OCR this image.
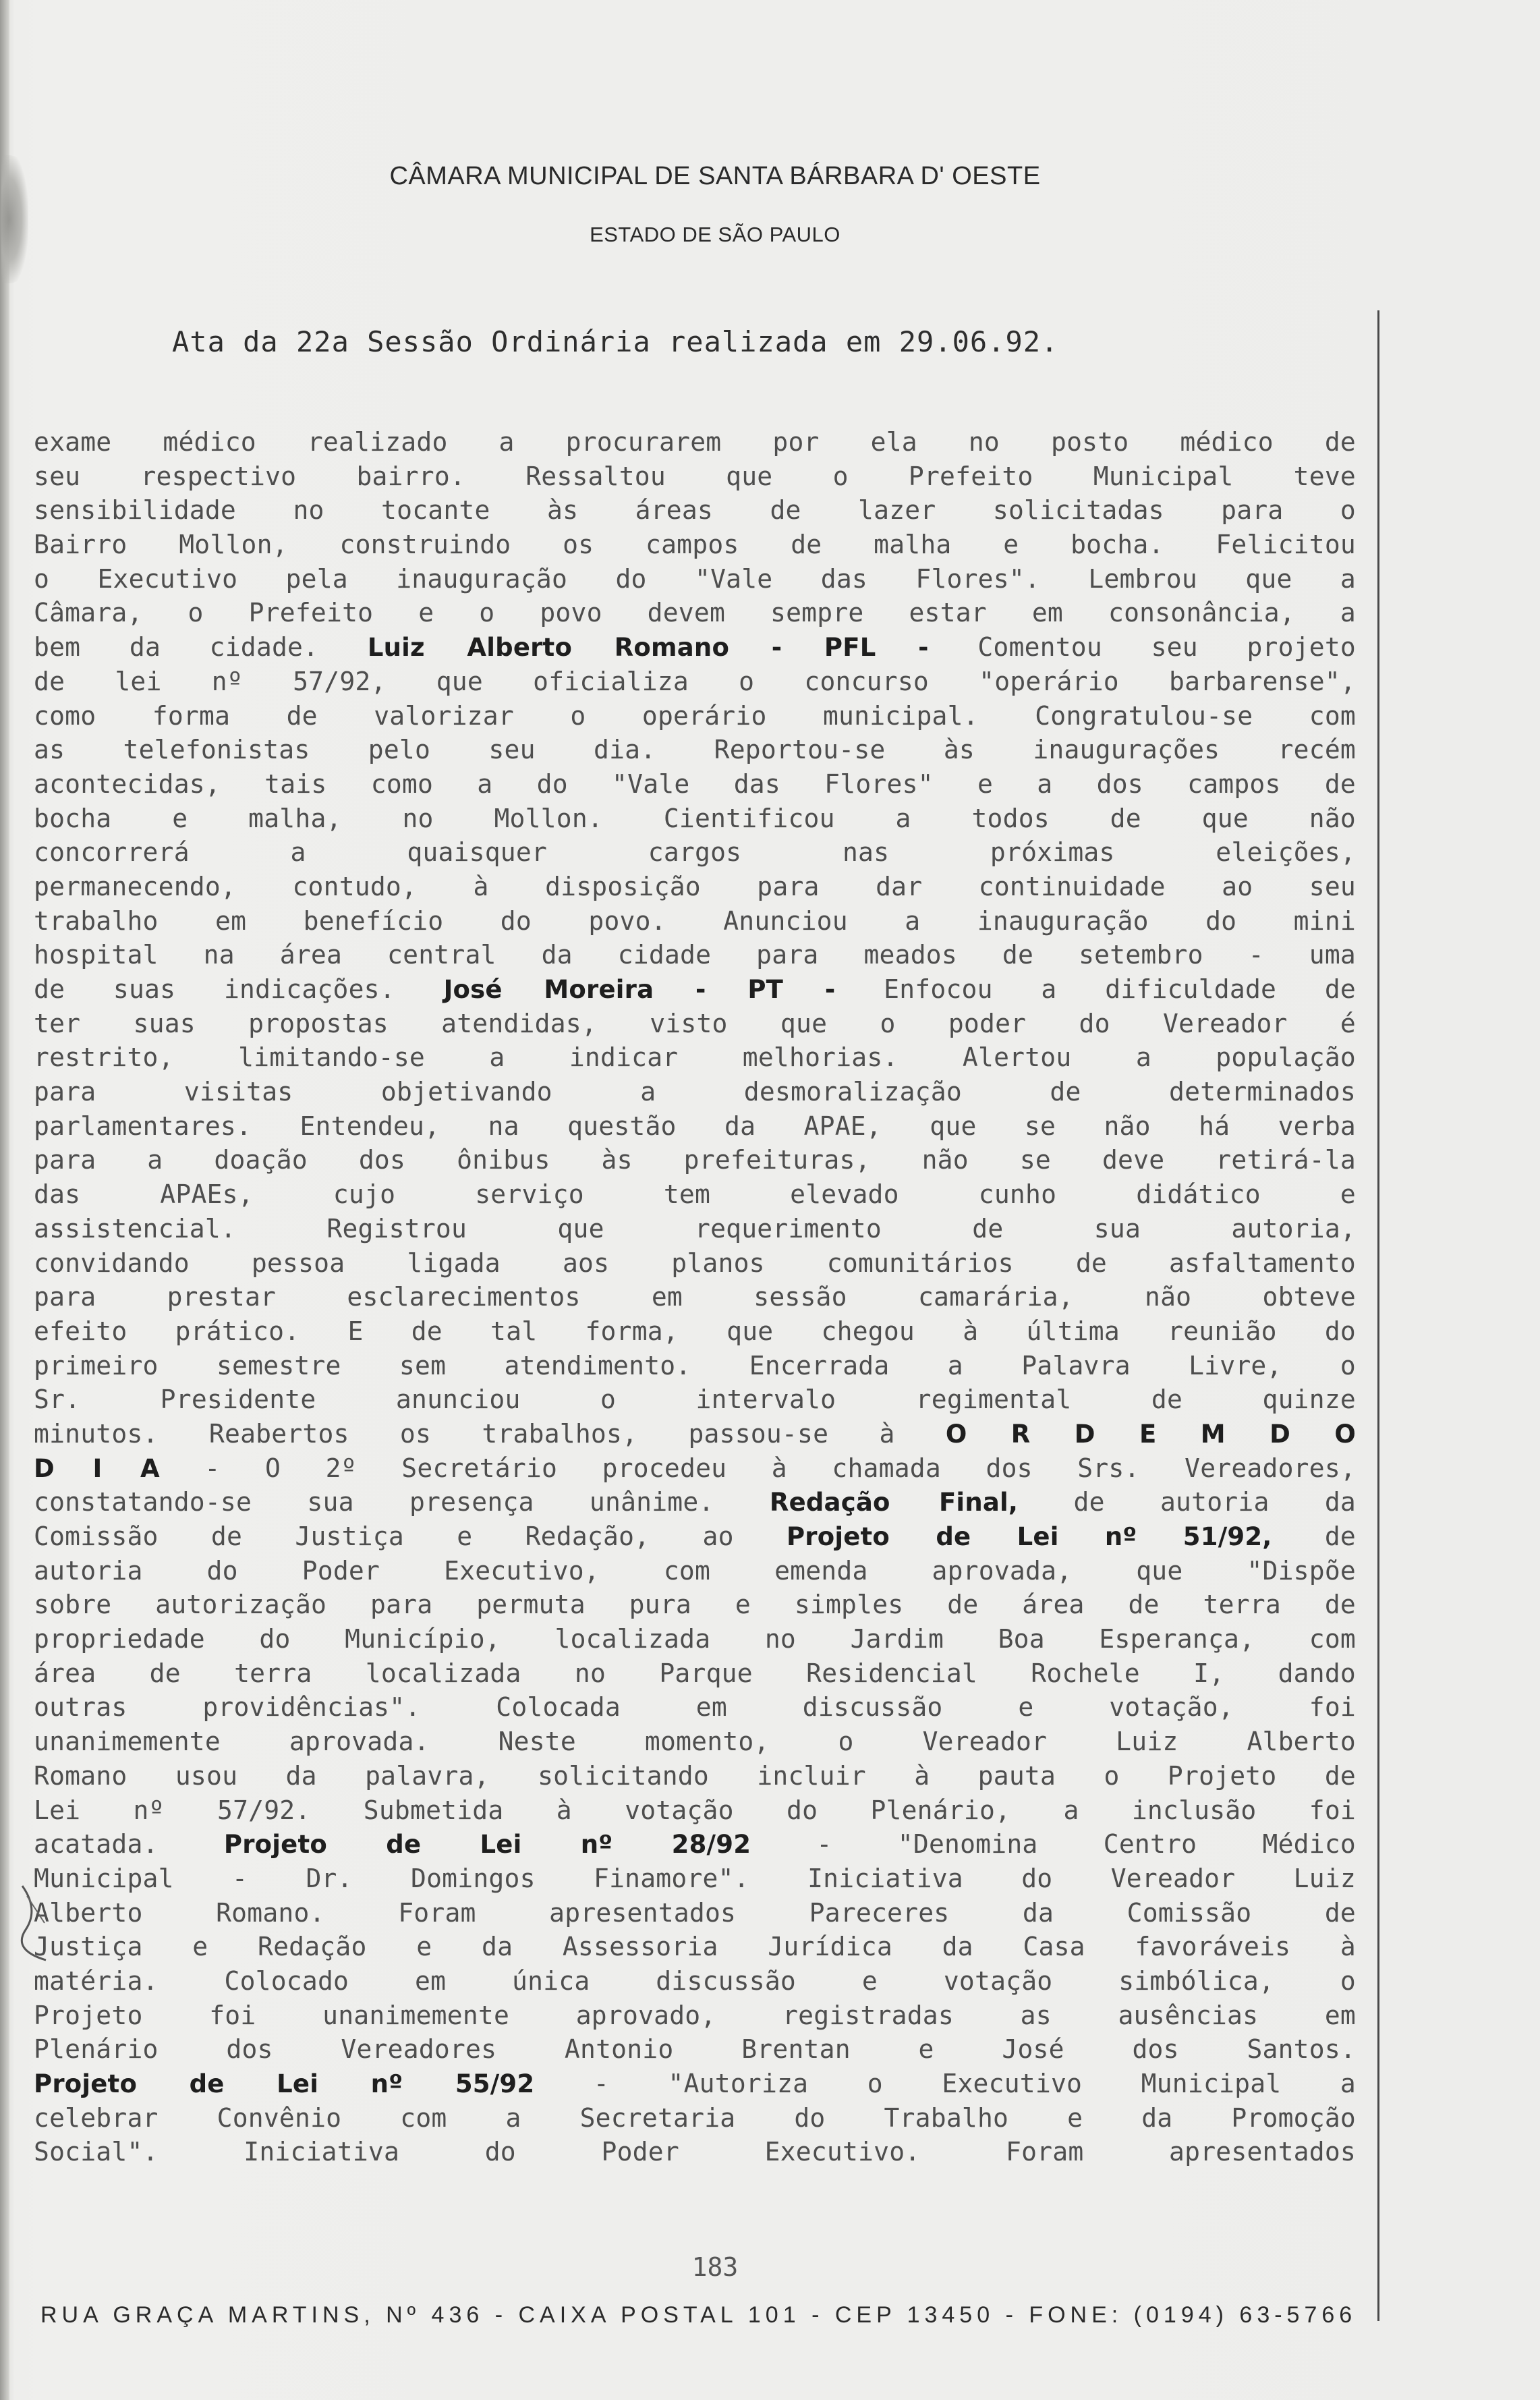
CÂMARA MUNICIPAL DE SANTA BÁRBARA D' OESTE
ESTADO DE SÃO PAULO
Ata da 22a Sessão Ordinária realizada em 29.06.92.
exame médico realizado a procurarem por ela no posto médico de
seu respectivo bairro. Ressaltou que o Prefeito Municipal teve
sensibilidade no tocante às áreas de lazer solicitadas para o
Bairro Mollon, construindo os campos de malha e bocha. Felicitou
o Executivo pela inauguração do "Vale das Flores". Lembrou que a
Câmara, o Prefeito e o povo devem sempre estar em consonância, a
bem da cidade. Luiz Alberto Romano - PFL - Comentou seu projeto
de lei nº 57/92, que oficializa o concurso "operário barbarense",
como forma de valorizar o operário municipal. Congratulou-se com
as telefonistas pelo seu dia. Reportou-se às inaugurações recém
acontecidas, tais como a do "Vale das Flores" e a dos campos de
bocha e malha, no Mollon. Cientificou a todos de que não
concorrerá a quaisquer cargos nas próximas eleições,
permanecendo, contudo, à disposição para dar continuidade ao seu
trabalho em benefício do povo. Anunciou a inauguração do mini
hospital na área central da cidade para meados de setembro - uma
de suas indicações. José Moreira - PT - Enfocou a dificuldade de
ter suas propostas atendidas, visto que o poder do Vereador é
restrito, limitando-se a indicar melhorias. Alertou a população
para visitas objetivando a desmoralização de determinados
parlamentares. Entendeu, na questão da APAE, que se não há verba
para a doação dos ônibus às prefeituras, não se deve retirá-la
das APAEs, cujo serviço tem elevado cunho didático e
assistencial. Registrou que requerimento de sua autoria,
convidando pessoa ligada aos planos comunitários de asfaltamento
para prestar esclarecimentos em sessão camarária, não obteve
efeito prático. E de tal forma, que chegou à última reunião do
primeiro semestre sem atendimento. Encerrada a Palavra Livre, o
Sr. Presidente anunciou o intervalo regimental de quinze
minutos. Reabertos os trabalhos, passou-se à O R D E M D O
D I A - O 2º Secretário procedeu à chamada dos Srs. Vereadores,
constatando-se sua presença unânime. Redação Final, de autoria da
Comissão de Justiça e Redação, ao Projeto de Lei nº 51/92, de
autoria do Poder Executivo, com emenda aprovada, que "Dispõe
sobre autorização para permuta pura e simples de área de terra de
propriedade do Município, localizada no Jardim Boa Esperança, com
área de terra localizada no Parque Residencial Rochele I, dando
outras providências". Colocada em discussão e votação, foi
unanimemente aprovada. Neste momento, o Vereador Luiz Alberto
Romano usou da palavra, solicitando incluir à pauta o Projeto de
Lei nº 57/92. Submetida à votação do Plenário, a inclusão foi
acatada. Projeto de Lei nº 28/92 - "Denomina Centro Médico
Municipal - Dr. Domingos Finamore". Iniciativa do Vereador Luiz
Alberto Romano. Foram apresentados Pareceres da Comissão de
Justiça e Redação e da Assessoria Jurídica da Casa favoráveis à
matéria. Colocado em única discussão e votação simbólica, o
Projeto foi unanimemente aprovado, registradas as ausências em
Plenário dos Vereadores Antonio Brentan e José dos Santos.
Projeto de Lei nº 55/92 - "Autoriza o Executivo Municipal a
celebrar Convênio com a Secretaria do Trabalho e da Promoção
Social". Iniciativa do Poder Executivo. Foram apresentados
183
RUA GRAÇA MARTINS, Nº 436 - CAIXA POSTAL 101 - CEP 13450 - FONE: (0194) 63-5766
